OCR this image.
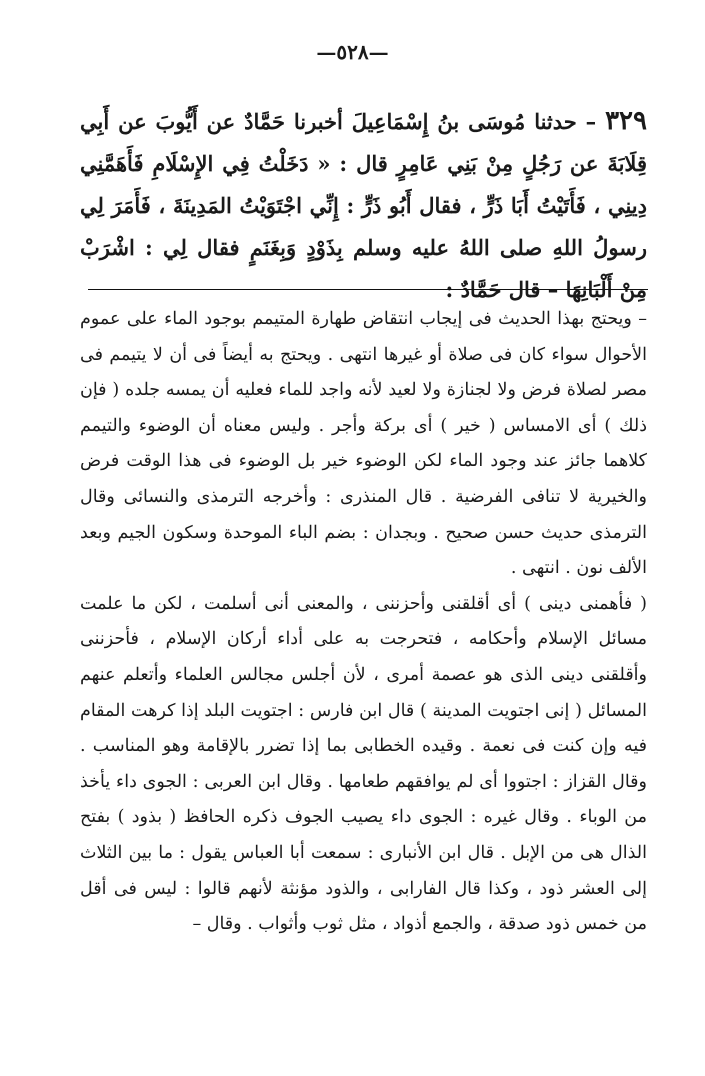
—٥٢٨—
٣٢٩ – حدثنا مُوسَى بنُ إِسْمَاعِيلَ أخبرنا حَمَّادٌ عن أَيُّوبَ عن أَبِي قِلَابَةَ عن رَجُلٍ مِنْ بَنِي عَامِرٍ قال : « دَخَلْتُ فِي الإِسْلَامِ فَأَهَمَّنِي دِينِي ، فَأَتَيْتُ أَبَا ذَرٍّ ، فقال أَبُو ذَرٍّ : إِنِّي اجْتَوَيْتُ المَدِينَةَ ، فَأَمَرَ لِي رسولُ اللهِ صلى اللهُ عليه وسلم بِذَوْدٍ وَبِغَنَمٍ فقال لِي : اشْرَبْ مِنْ أَلْبَانِهَا – قال حَمَّادٌ :

– ويحتج بهذا الحديث فى إيجاب انتقاض طهارة المتيمم بوجود الماء على عموم الأحوال سواء كان فى صلاة أو غيرها انتهى . ويحتج به أيضاً فى أن لا يتيمم فى مصر لصلاة فرض ولا لجنازة ولا لعيد لأنه واجد للماء فعليه أن يمسه جلده ( فإن ذلك ) أى الامساس ( خير ) أى بركة وأجر . وليس معناه أن الوضوء والتيمم كلاهما جائز عند وجود الماء لكن الوضوء خير بل الوضوء فى هذا الوقت فرض والخيرية لا تنافى الفرضية . قال المنذرى : وأخرجه الترمذى والنسائى وقال الترمذى حديث حسن صحيح . وبجدان : بضم الباء الموحدة وسكون الجيم وبعد الألف نون . انتهى .

( فأهمنى دينى ) أى أقلقنى وأحزننى ، والمعنى أنى أسلمت ، لكن ما علمت مسائل الإسلام وأحكامه ، فتحرجت به على أداء أركان الإسلام ، فأحزننى وأقلقنى دينى الذى هو عصمة أمرى ، لأن أجلس مجالس العلماء وأتعلم عنهم المسائل ( إنى اجتويت المدينة ) قال ابن فارس : اجتويت البلد إذا كرهت المقام فيه وإن كنت فى نعمة . وقيده الخطابى بما إذا تضرر بالإقامة وهو المناسب . وقال القزاز : اجتووا أى لم يوافقهم طعامها . وقال ابن العربى : الجوى داء يأخذ من الوباء . وقال غيره : الجوى داء يصيب الجوف ذكره الحافظ ( بذود ) بفتح الذال هى من الإبل . قال ابن الأنبارى : سمعت أبا العباس يقول : ما بين الثلاث إلى العشر ذود ، وكذا قال الفارابى ، والذود مؤنثة لأنهم قالوا : ليس فى أقل من خمس ذود صدقة ، والجمع أذواد ، مثل ثوب وأثواب . وقال –
